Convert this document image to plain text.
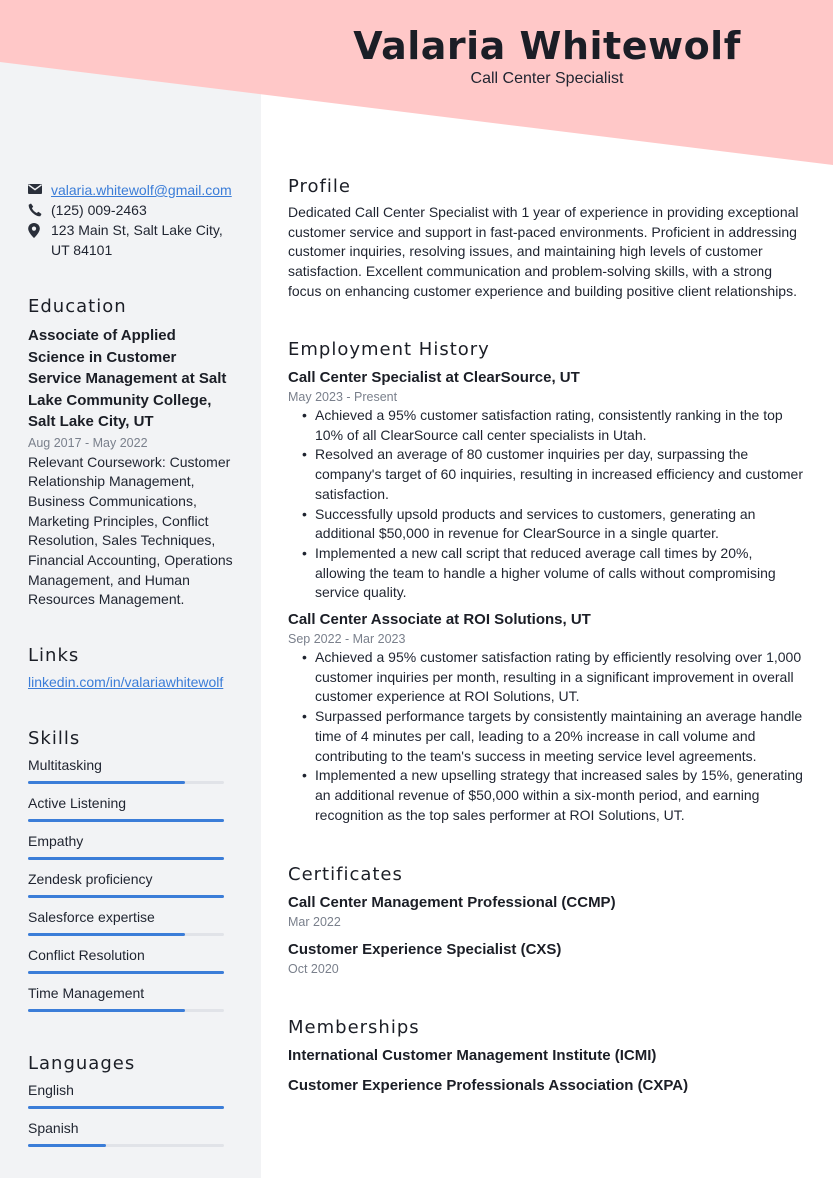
Valaria Whitewolf
Call Center Specialist
valaria.whitewolf@gmail.com
(125) 009-2463
123 Main St, Salt Lake City, UT 84101
Education
Associate of Applied Science in Customer Service Management at Salt Lake Community College, Salt Lake City, UT
Aug 2017 - May 2022
Relevant Coursework: Customer Relationship Management, Business Communications, Marketing Principles, Conflict Resolution, Sales Techniques, Financial Accounting, Operations Management, and Human Resources Management.
Links
linkedin.com/in/valariawhitewolf
Skills
Multitasking
Active Listening
Empathy
Zendesk proficiency
Salesforce expertise
Conflict Resolution
Time Management
Languages
English
Spanish
Profile
Dedicated Call Center Specialist with 1 year of experience in providing exceptional customer service and support in fast-paced environments. Proficient in addressing customer inquiries, resolving issues, and maintaining high levels of customer satisfaction. Excellent communication and problem-solving skills, with a strong focus on enhancing customer experience and building positive client relationships.
Employment History
Call Center Specialist at ClearSource, UT
May 2023 - Present
• Achieved a 95% customer satisfaction rating, consistently ranking in the top 10% of all ClearSource call center specialists in Utah.
• Resolved an average of 80 customer inquiries per day, surpassing the company's target of 60 inquiries, resulting in increased efficiency and customer satisfaction.
• Successfully upsold products and services to customers, generating an additional $50,000 in revenue for ClearSource in a single quarter.
• Implemented a new call script that reduced average call times by 20%, allowing the team to handle a higher volume of calls without compromising service quality.
Call Center Associate at ROI Solutions, UT
Sep 2022 - Mar 2023
• Achieved a 95% customer satisfaction rating by efficiently resolving over 1,000 customer inquiries per month, resulting in a significant improvement in overall customer experience at ROI Solutions, UT.
• Surpassed performance targets by consistently maintaining an average handle time of 4 minutes per call, leading to a 20% increase in call volume and contributing to the team's success in meeting service level agreements.
• Implemented a new upselling strategy that increased sales by 15%, generating an additional revenue of $50,000 within a six-month period, and earning recognition as the top sales performer at ROI Solutions, UT.
Certificates
Call Center Management Professional (CCMP)
Mar 2022
Customer Experience Specialist (CXS)
Oct 2020
Memberships
International Customer Management Institute (ICMI)
Customer Experience Professionals Association (CXPA)
